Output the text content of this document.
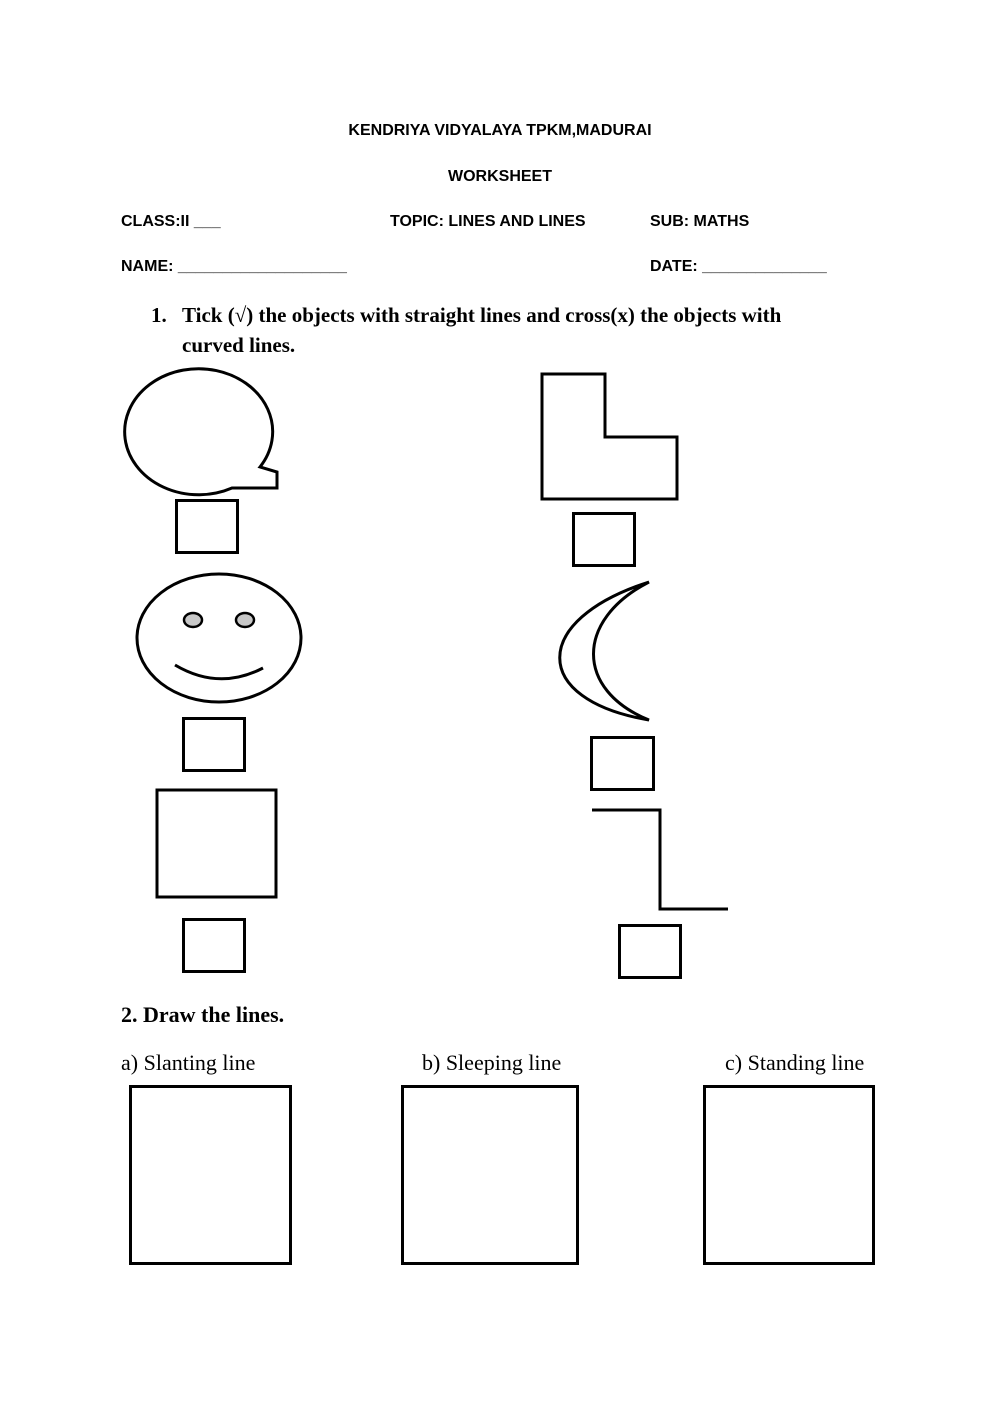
KENDRIYA VIDYALAYA TPKM,MADURAI
WORKSHEET
CLASS:II ___	TOPIC: LINES AND LINES	SUB: MATHS
NAME: ___________________	DATE: ______________
1. Tick (√) the objects with straight lines and cross(x) the objects with
curved lines.
2. Draw the lines.
a) Slanting line	b) Sleeping line	c) Standing line
